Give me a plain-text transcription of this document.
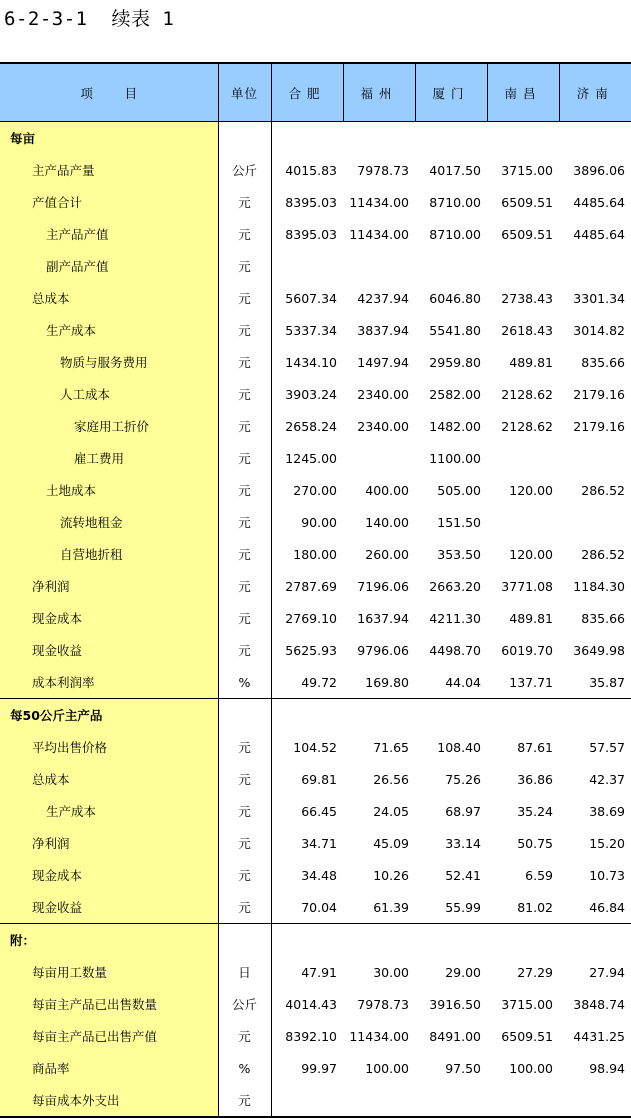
6-2-3-1  续表 1
项        目	单位	合肥	福州	厦门	南昌	济南
每亩						
主产品产量	公斤	4015.83	7978.73	4017.50	3715.00	3896.06
产值合计	元	8395.03	11434.00	8710.00	6509.51	4485.64
主产品产值	元	8395.03	11434.00	8710.00	6509.51	4485.64
副产品产值	元					
总成本	元	5607.34	4237.94	6046.80	2738.43	3301.34
生产成本	元	5337.34	3837.94	5541.80	2618.43	3014.82
物质与服务费用	元	1434.10	1497.94	2959.80	489.81	835.66
人工成本	元	3903.24	2340.00	2582.00	2128.62	2179.16
家庭用工折价	元	2658.24	2340.00	1482.00	2128.62	2179.16
雇工费用	元	1245.00		1100.00		
土地成本	元	270.00	400.00	505.00	120.00	286.52
流转地租金	元	90.00	140.00	151.50		
自营地折租	元	180.00	260.00	353.50	120.00	286.52
净利润	元	2787.69	7196.06	2663.20	3771.08	1184.30
现金成本	元	2769.10	1637.94	4211.30	489.81	835.66
现金收益	元	5625.93	9796.06	4498.70	6019.70	3649.98
成本利润率	%	49.72	169.80	44.04	137.71	35.87
每50公斤主产品						
平均出售价格	元	104.52	71.65	108.40	87.61	57.57
总成本	元	69.81	26.56	75.26	36.86	42.37
生产成本	元	66.45	24.05	68.97	35.24	38.69
净利润	元	34.71	45.09	33.14	50.75	15.20
现金成本	元	34.48	10.26	52.41	6.59	10.73
现金收益	元	70.04	61.39	55.99	81.02	46.84
附：						
每亩用工数量	日	47.91	30.00	29.00	27.29	27.94
每亩主产品已出售数量	公斤	4014.43	7978.73	3916.50	3715.00	3848.74
每亩主产品已出售产值	元	8392.10	11434.00	8491.00	6509.51	4431.25
商品率	%	99.97	100.00	97.50	100.00	98.94
每亩成本外支出	元					
